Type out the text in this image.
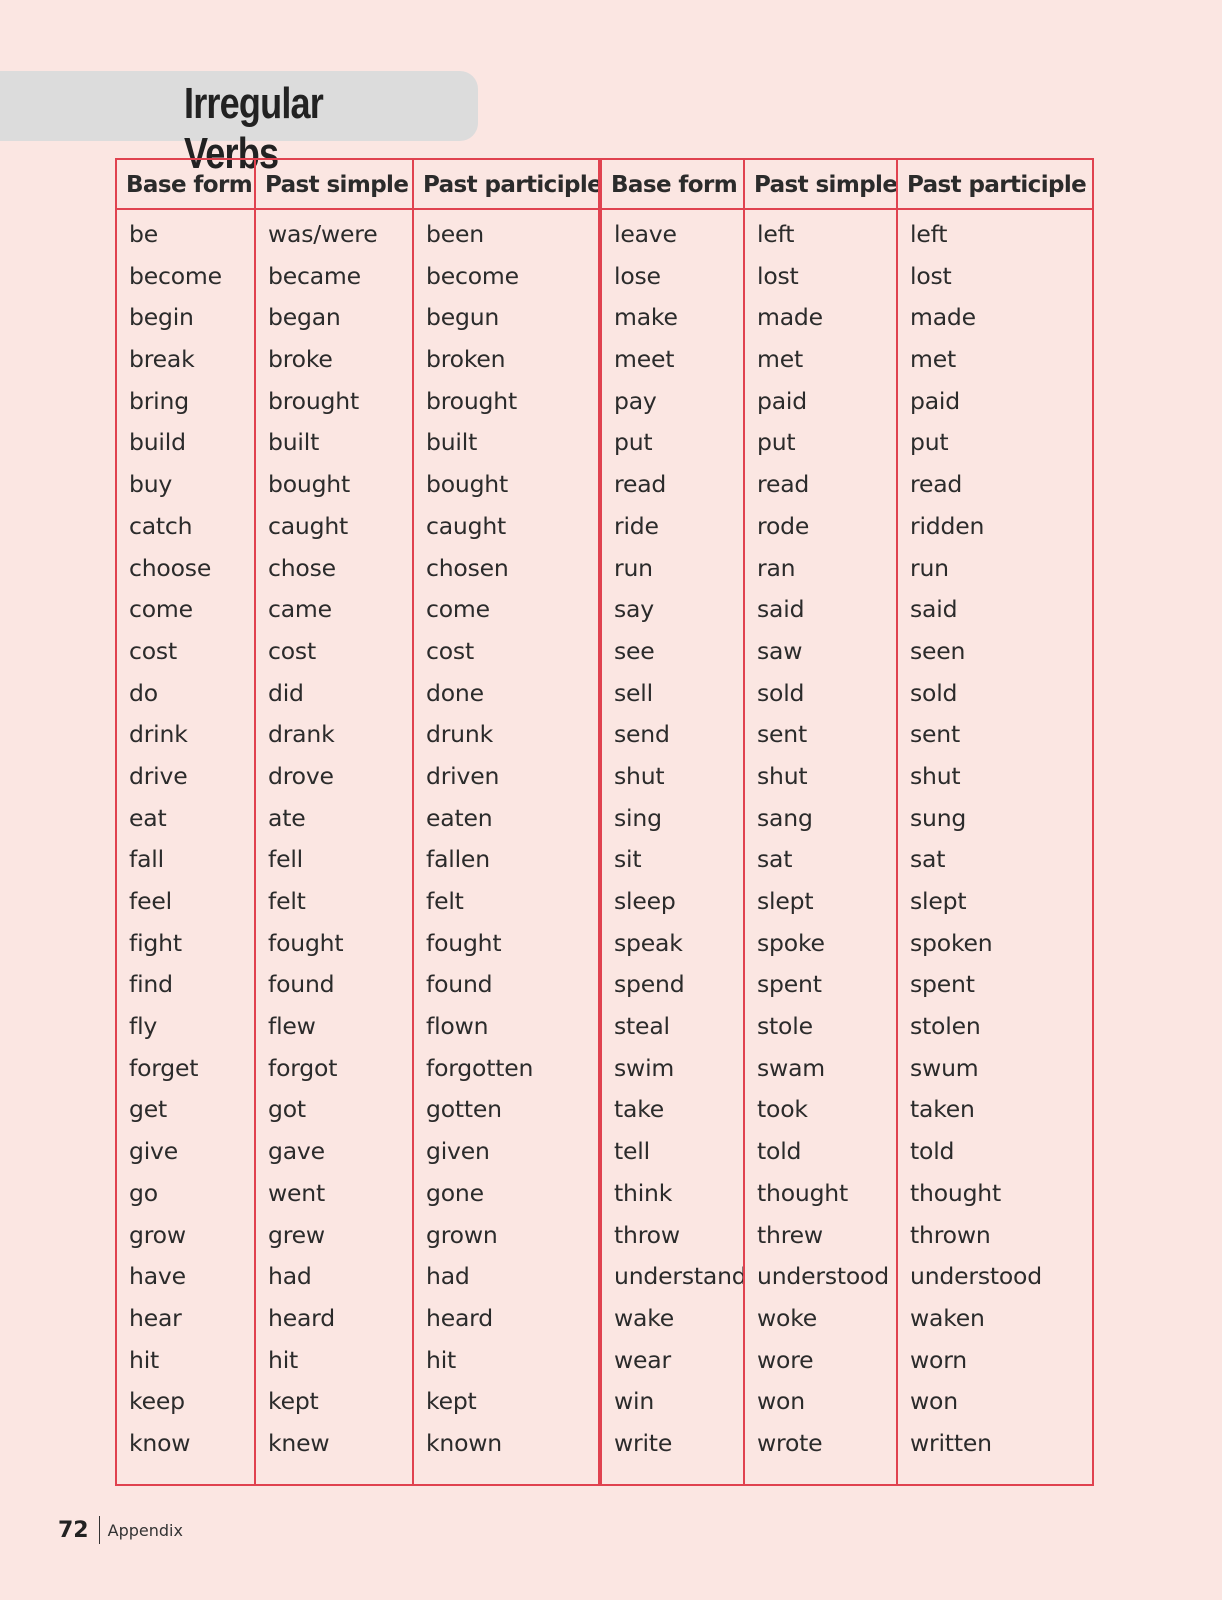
Irregular Verbs
Base form
be
become
begin
break
bring
build
buy
catch
choose
come
cost
do
drink
drive
eat
fall
feel
fight
find
fly
forget
get
give
go
grow
have
hear
hit
keep
know
Past simple
was/were
became
began
broke
brought
built
bought
caught
chose
came
cost
did
drank
drove
ate
fell
felt
fought
found
flew
forgot
got
gave
went
grew
had
heard
hit
kept
knew
Past participle
been
become
begun
broken
brought
built
bought
caught
chosen
come
cost
done
drunk
driven
eaten
fallen
felt
fought
found
flown
forgotten
gotten
given
gone
grown
had
heard
hit
kept
known
Base form
leave
lose
make
meet
pay
put
read
ride
run
say
see
sell
send
shut
sing
sit
sleep
speak
spend
steal
swim
take
tell
think
throw
understand
wake
wear
win
write
Past simple
left
lost
made
met
paid
put
read
rode
ran
said
saw
sold
sent
shut
sang
sat
slept
spoke
spent
stole
swam
took
told
thought
threw
understood
woke
wore
won
wrote
Past participle
left
lost
made
met
paid
put
read
ridden
run
said
seen
sold
sent
shut
sung
sat
slept
spoken
spent
stolen
swum
taken
told
thought
thrown
understood
waken
worn
won
written
72 Appendix
